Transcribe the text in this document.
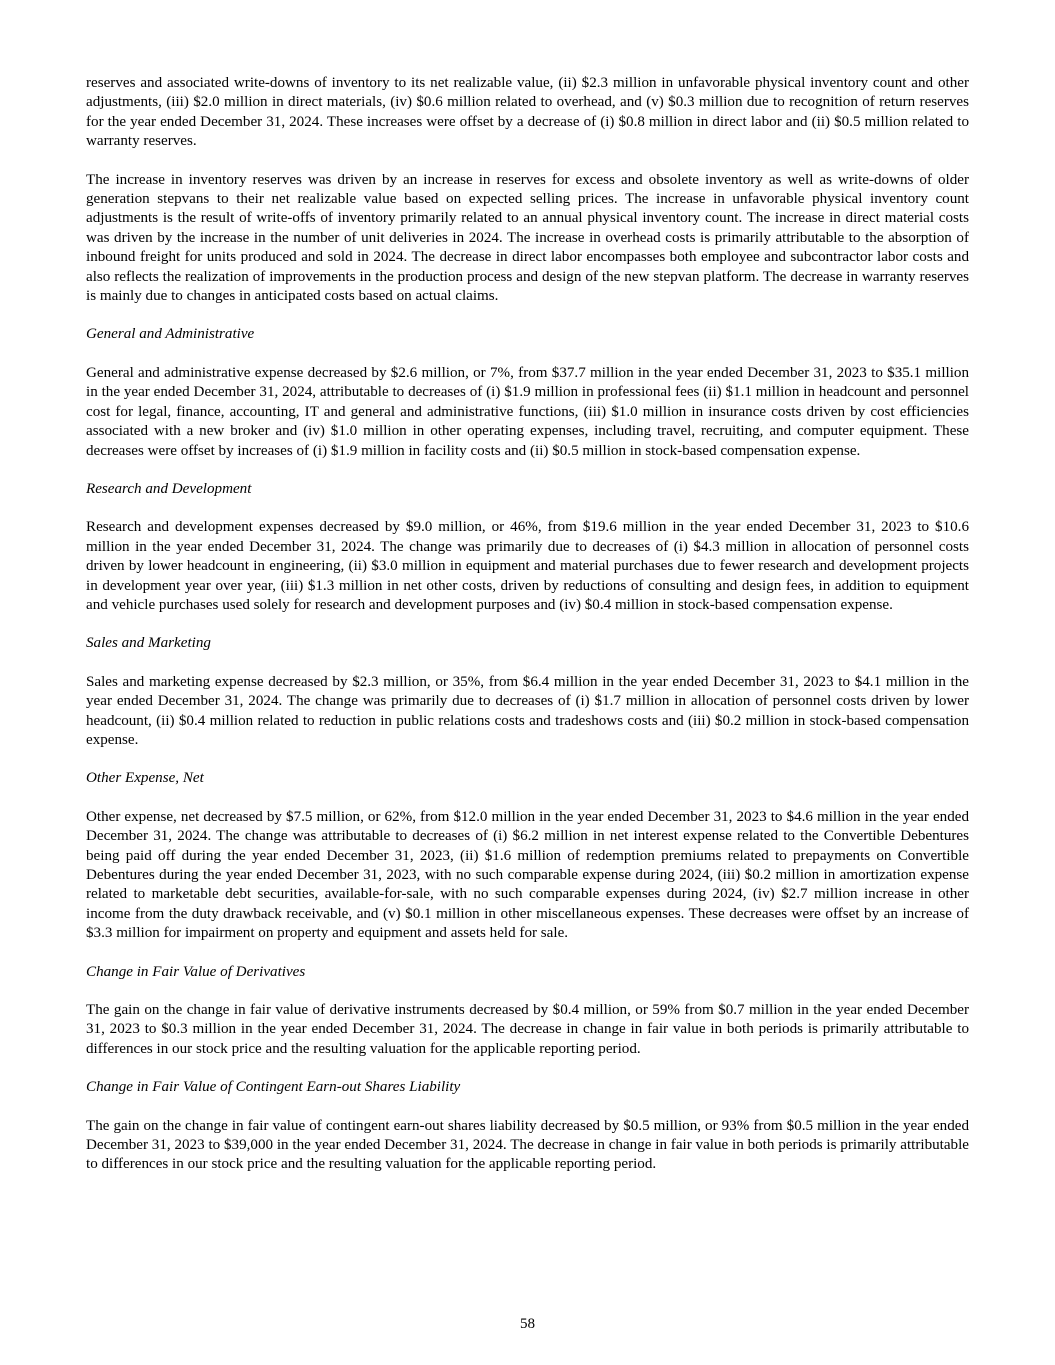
reserves and associated write-downs of inventory to its net realizable value, (ii) $2.3 million in unfavorable physical inventory count and other adjustments, (iii) $2.0 million in direct materials, (iv) $0.6 million related to overhead, and (v) $0.3 million due to recognition of return reserves for the year ended December 31, 2024. These increases were offset by a decrease of (i) $0.8 million in direct labor and (ii) $0.5 million related to warranty reserves.

The increase in inventory reserves was driven by an increase in reserves for excess and obsolete inventory as well as write-downs of older generation stepvans to their net realizable value based on expected selling prices. The increase in unfavorable physical inventory count adjustments is the result of write-offs of inventory primarily related to an annual physical inventory count. The increase in direct material costs was driven by the increase in the number of unit deliveries in 2024. The increase in overhead costs is primarily attributable to the absorption of inbound freight for units produced and sold in 2024. The decrease in direct labor encompasses both employee and subcontractor labor costs and also reflects the realization of improvements in the production process and design of the new stepvan platform. The decrease in warranty reserves is mainly due to changes in anticipated costs based on actual claims.

General and Administrative

General and administrative expense decreased by $2.6 million, or 7%, from $37.7 million in the year ended December 31, 2023 to $35.1 million in the year ended December 31, 2024, attributable to decreases of (i) $1.9 million in professional fees (ii) $1.1 million in headcount and personnel cost for legal, finance, accounting, IT and general and administrative functions, (iii) $1.0 million in insurance costs driven by cost efficiencies associated with a new broker and (iv) $1.0 million in other operating expenses, including travel, recruiting, and computer equipment. These decreases were offset by increases of (i) $1.9 million in facility costs and (ii) $0.5 million in stock-based compensation expense.

Research and Development

Research and development expenses decreased by $9.0 million, or 46%, from $19.6 million in the year ended December 31, 2023 to $10.6 million in the year ended December 31, 2024. The change was primarily due to decreases of (i) $4.3 million in allocation of personnel costs driven by lower headcount in engineering, (ii) $3.0 million in equipment and material purchases due to fewer research and development projects in development year over year, (iii) $1.3 million in net other costs, driven by reductions of consulting and design fees, in addition to equipment and vehicle purchases used solely for research and development purposes and (iv) $0.4 million in stock-based compensation expense.

Sales and Marketing

Sales and marketing expense decreased by $2.3 million, or 35%, from $6.4 million in the year ended December 31, 2023 to $4.1 million in the year ended December 31, 2024. The change was primarily due to decreases of (i) $1.7 million in allocation of personnel costs driven by lower headcount, (ii) $0.4 million related to reduction in public relations costs and tradeshows costs and (iii) $0.2 million in stock-based compensation expense.

Other Expense, Net

Other expense, net decreased by $7.5 million, or 62%, from $12.0 million in the year ended December 31, 2023 to $4.6 million in the year ended December 31, 2024. The change was attributable to decreases of (i) $6.2 million in net interest expense related to the Convertible Debentures being paid off during the year ended December 31, 2023, (ii) $1.6 million of redemption premiums related to prepayments on Convertible Debentures during the year ended December 31, 2023, with no such comparable expense during 2024, (iii) $0.2 million in amortization expense related to marketable debt securities, available-for-sale, with no such comparable expenses during 2024, (iv) $2.7 million increase in other income from the duty drawback receivable, and (v) $0.1 million in other miscellaneous expenses. These decreases were offset by an increase of $3.3 million for impairment on property and equipment and assets held for sale.

Change in Fair Value of Derivatives

The gain on the change in fair value of derivative instruments decreased by $0.4 million, or 59% from $0.7 million in the year ended December 31, 2023 to $0.3 million in the year ended December 31, 2024. The decrease in change in fair value in both periods is primarily attributable to differences in our stock price and the resulting valuation for the applicable reporting period.

Change in Fair Value of Contingent Earn-out Shares Liability

The gain on the change in fair value of contingent earn-out shares liability decreased by $0.5 million, or 93% from $0.5 million in the year ended December 31, 2023 to $39,000 in the year ended December 31, 2024. The decrease in change in fair value in both periods is primarily attributable to differences in our stock price and the resulting valuation for the applicable reporting period.

58
